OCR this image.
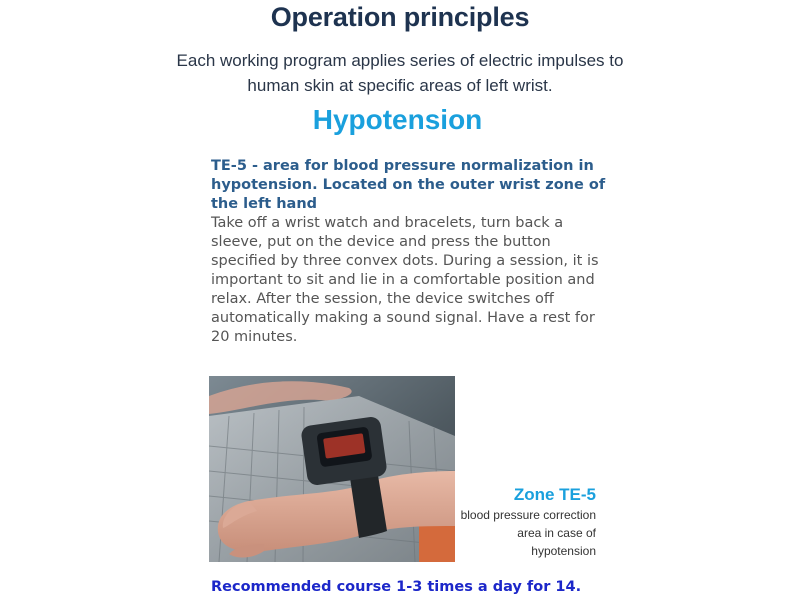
Operation principles

Each working program applies series of electric impulses to human skin at specific areas of left wrist.

Hypotension

TE-5 - area for blood pressure normalization in hypotension. Located on the outer wrist zone of the left hand

Take off a wrist watch and bracelets, turn back a sleeve, put on the device and press the button specified by three convex dots. During a session, it is important to sit and lie in a comfortable position and relax. After the session, the device switches off automatically making a sound signal. Have a rest for 20 minutes.

Zone TE-5
blood pressure correction area in case of hypotension

Recommended course 1-3 times a day for 14.
